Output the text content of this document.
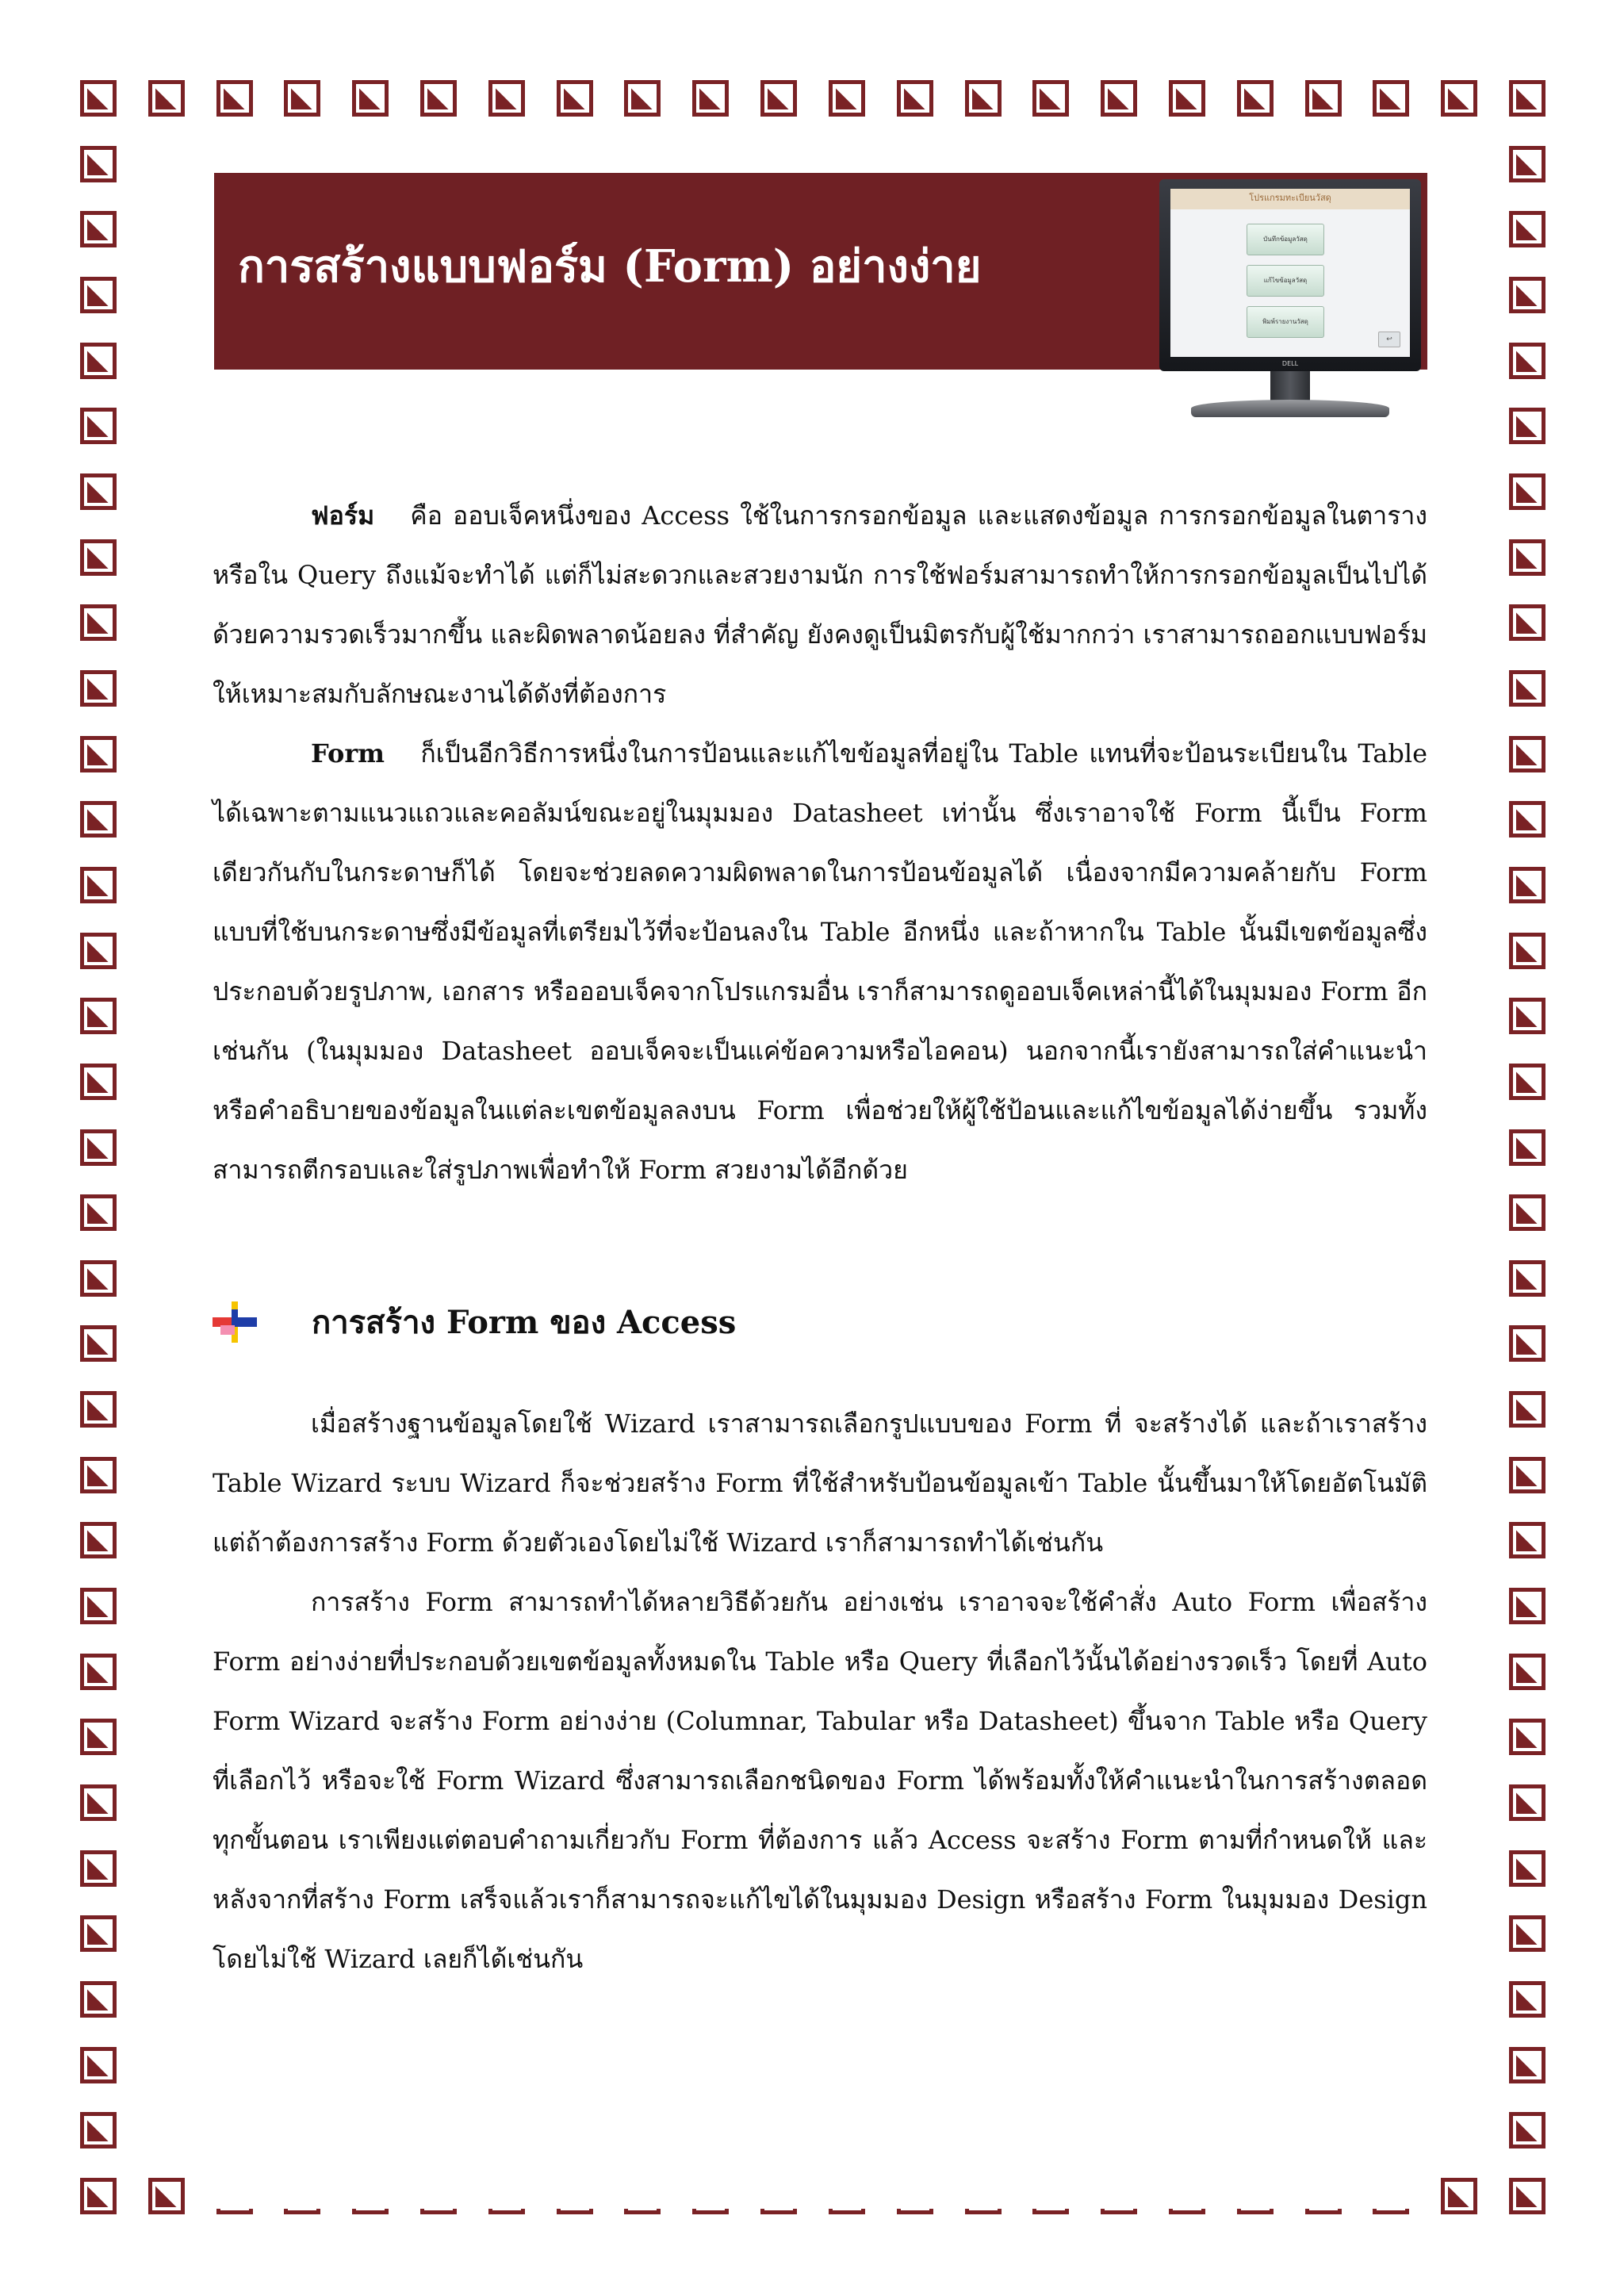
การสร้างแบบฟอร์ม (Form) อย่างง่าย
โปรแกรมทะเบียนวัสดุ
บันทึกข้อมูลวัสดุ
แก้ไขข้อมูลวัสดุ
พิมพ์รายงานวัสดุ
↩
DELL

ฟอร์ม  คือ ออบเจ็คหนึ่งของ Access ใช้ในการกรอกข้อมูล และแสดงข้อมูล การกรอกข้อมูลในตารางหรือใน Query ถึงแม้จะทำได้ แต่ก็ไม่สะดวกและสวยงามนัก การใช้ฟอร์มสามารถทำให้การกรอกข้อมูลเป็นไปได้ด้วยความรวดเร็วมากขึ้น และผิดพลาดน้อยลง ที่สำคัญ ยังคงดูเป็นมิตรกับผู้ใช้มากกว่า เราสามารถออกแบบฟอร์มให้เหมาะสมกับลักษณะงานได้ดังที่ต้องการ

Form  ก็เป็นอีกวิธีการหนึ่งในการป้อนและแก้ไขข้อมูลที่อยู่ใน Table แทนที่จะป้อนระเบียนใน Table ได้เฉพาะตามแนวแถวและคอลัมน์ขณะอยู่ในมุมมอง Datasheet เท่านั้น ซึ่งเราอาจใช้ Form นี้เป็น Form เดียวกันกับในกระดาษก็ได้ โดยจะช่วยลดความผิดพลาดในการป้อนข้อมูลได้ เนื่องจากมีความคล้ายกับ Form แบบที่ใช้บนกระดาษซึ่งมีข้อมูลที่เตรียมไว้ที่จะป้อนลงใน Table อีกหนึ่ง และถ้าหากใน Table นั้นมีเขตข้อมูลซึ่งประกอบด้วยรูปภาพ, เอกสาร หรือออบเจ็คจากโปรแกรมอื่น เราก็สามารถดูออบเจ็คเหล่านี้ได้ในมุมมอง Form อีกเช่นกัน (ในมุมมอง Datasheet ออบเจ็คจะเป็นแค่ข้อความหรือไอคอน) นอกจากนี้เรายังสามารถใส่คำแนะนำหรือคำอธิบายของข้อมูลในแต่ละเขตข้อมูลลงบน Form เพื่อช่วยให้ผู้ใช้ป้อนและแก้ไขข้อมูลได้ง่ายขึ้น รวมทั้งสามารถตีกรอบและใส่รูปภาพเพื่อทำให้ Form สวยงามได้อีกด้วย

การสร้าง Form ของ Access

เมื่อสร้างฐานข้อมูลโดยใช้ Wizard เราสามารถเลือกรูปแบบของ Form ที่ จะสร้างได้ และถ้าเราสร้าง Table Wizard ระบบ Wizard ก็จะช่วยสร้าง Form ที่ใช้สำหรับป้อนข้อมูลเข้า Table นั้นขึ้นมาให้โดยอัตโนมัติแต่ถ้าต้องการสร้าง Form ด้วยตัวเองโดยไม่ใช้ Wizard เราก็สามารถทำได้เช่นกัน

การสร้าง Form สามารถทำได้หลายวิธีด้วยกัน อย่างเช่น เราอาจจะใช้คำสั่ง Auto Form เพื่อสร้าง Form อย่างง่ายที่ประกอบด้วยเขตข้อมูลทั้งหมดใน Table หรือ Query ที่เลือกไว้นั้นได้อย่างรวดเร็ว โดยที่ Auto Form Wizard จะสร้าง Form อย่างง่าย (Columnar, Tabular หรือ Datasheet) ขึ้นจาก Table หรือ Query ที่เลือกไว้ หรือจะใช้ Form Wizard ซึ่งสามารถเลือกชนิดของ Form ได้พร้อมทั้งให้คำแนะนำในการสร้างตลอดทุกขั้นตอน เราเพียงแต่ตอบคำถามเกี่ยวกับ Form ที่ต้องการ แล้ว Access จะสร้าง Form ตามที่กำหนดให้ และหลังจากที่สร้าง Form เสร็จแล้วเราก็สามารถจะแก้ไขได้ในมุมมอง Design หรือสร้าง Form ในมุมมอง Design โดยไม่ใช้ Wizard เลยก็ได้เช่นกัน
